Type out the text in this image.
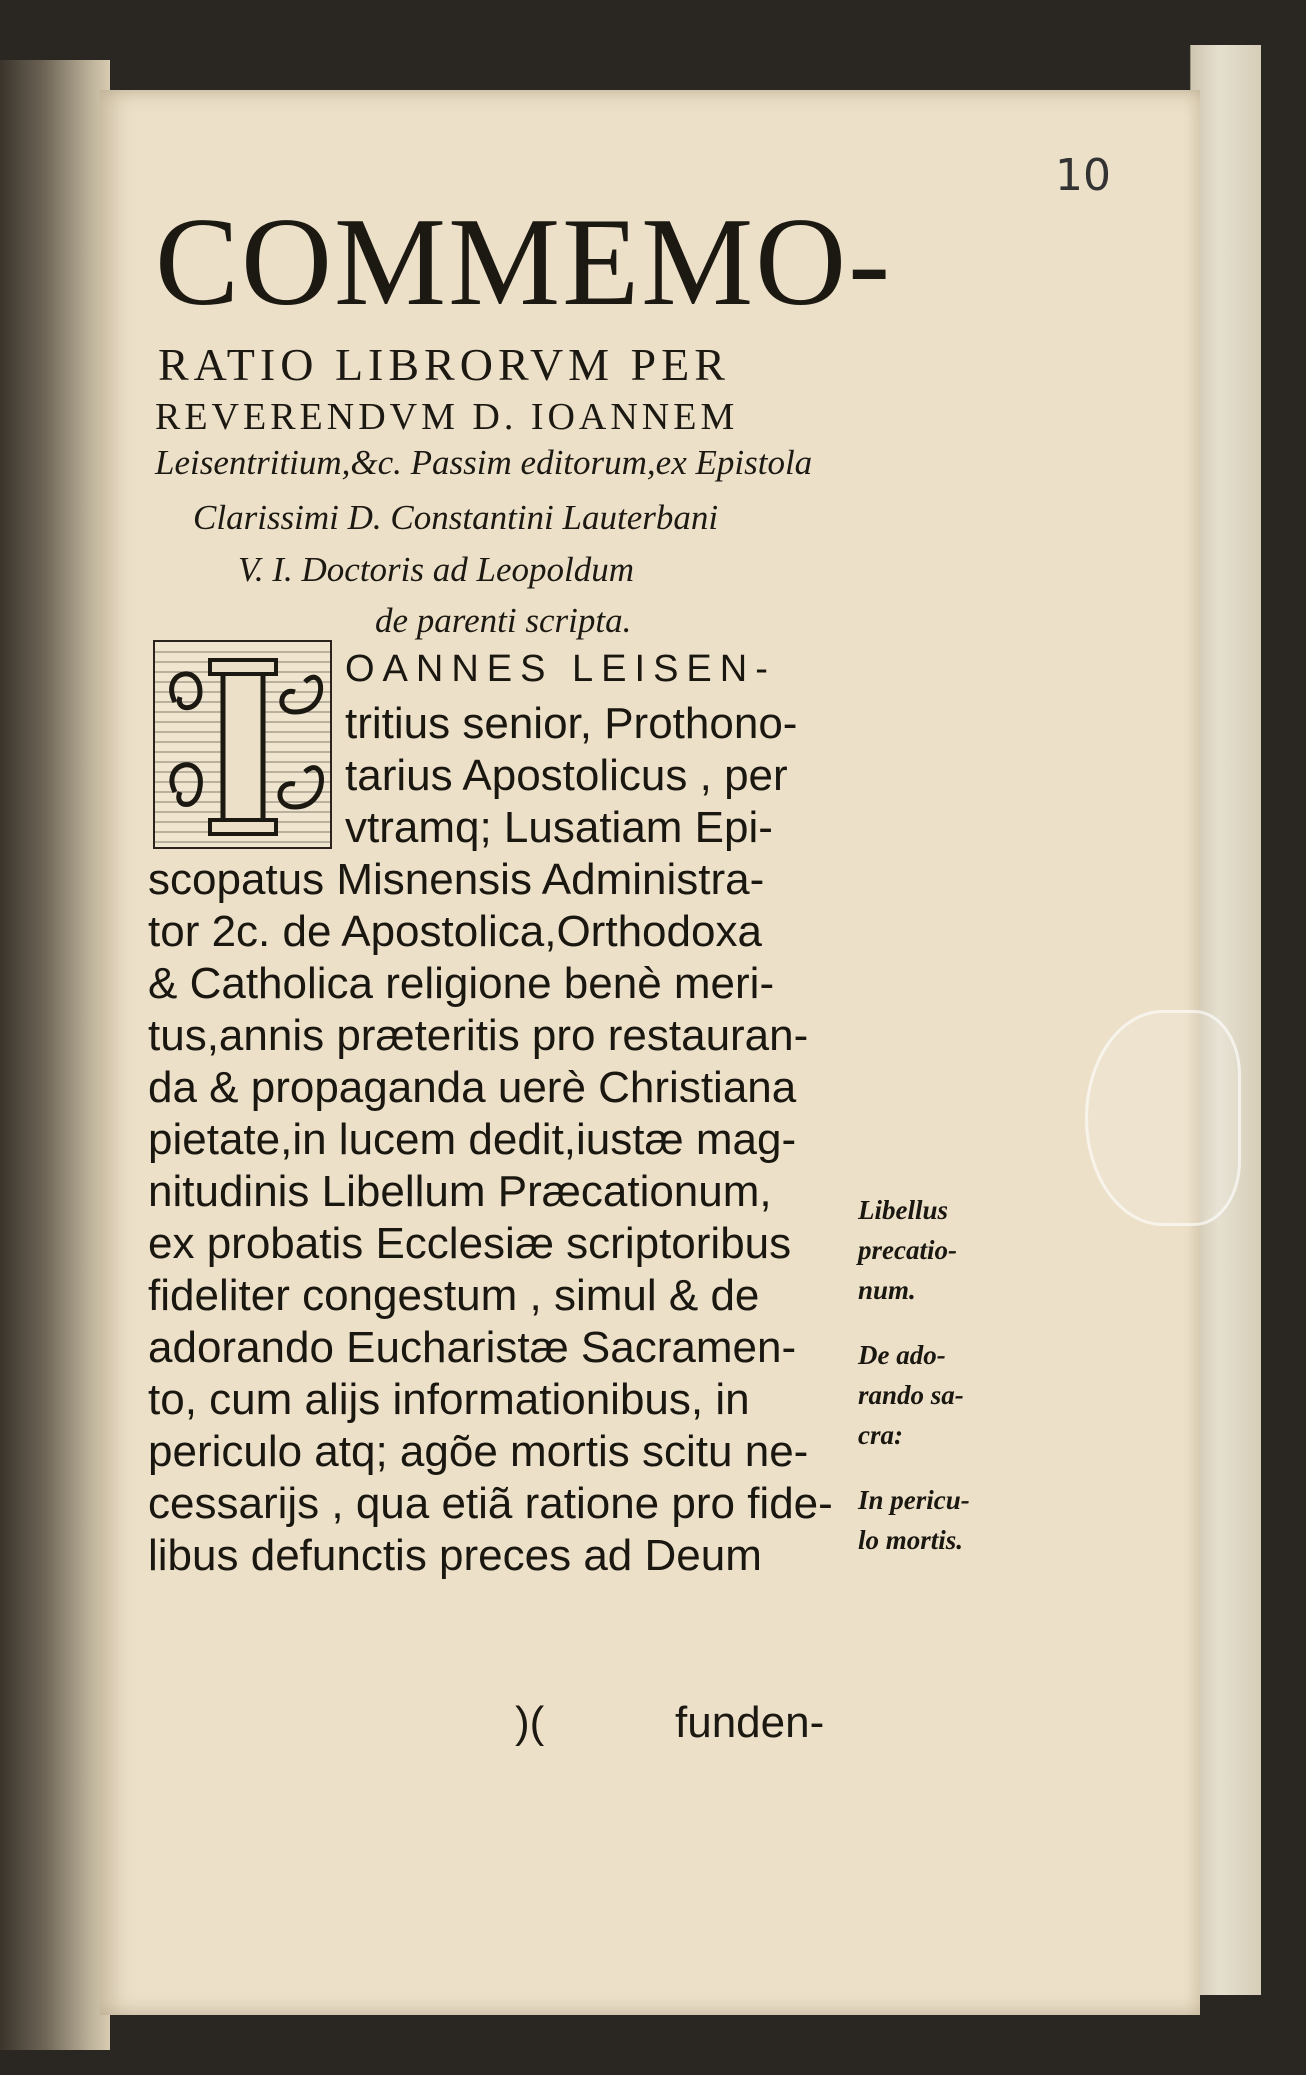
10
COMMEMO-
RATIO LIBRORVM PER
REVERENDVM D. IOANNEM
Leisentritium,&c. Passim editorum,ex Epistola
Clarissimi D. Constantini Lauterbani
V. I. Doctoris ad Leopoldum
de parenti scripta.
OANNES LEISEN-
tritius senior, Prothono-
tarius Apostolicus , per
vtramq; Lusatiam Epi-
scopatus Misnensis Administra-
tor 2c. de Apostolica,Orthodoxa
& Catholica religione benè meri-
tus,annis præteritis pro restauran-
da & propaganda uerè Christiana
pietate,in lucem dedit,iustæ mag-
nitudinis Libellum Præcationum,
ex probatis Ecclesiæ scriptoribus
fideliter congestum , simul & de
adorando Eucharistæ Sacramen-
to, cum alijs informationibus, in
periculo atq; agõe mortis scitu ne-
cessarijs , qua etiã ratione pro fide-
libus defunctis preces ad Deum
Libellus
precatio-
num.
De ado-
rando sa-
cra:
In pericu-
lo mortis.
)(	funden-
